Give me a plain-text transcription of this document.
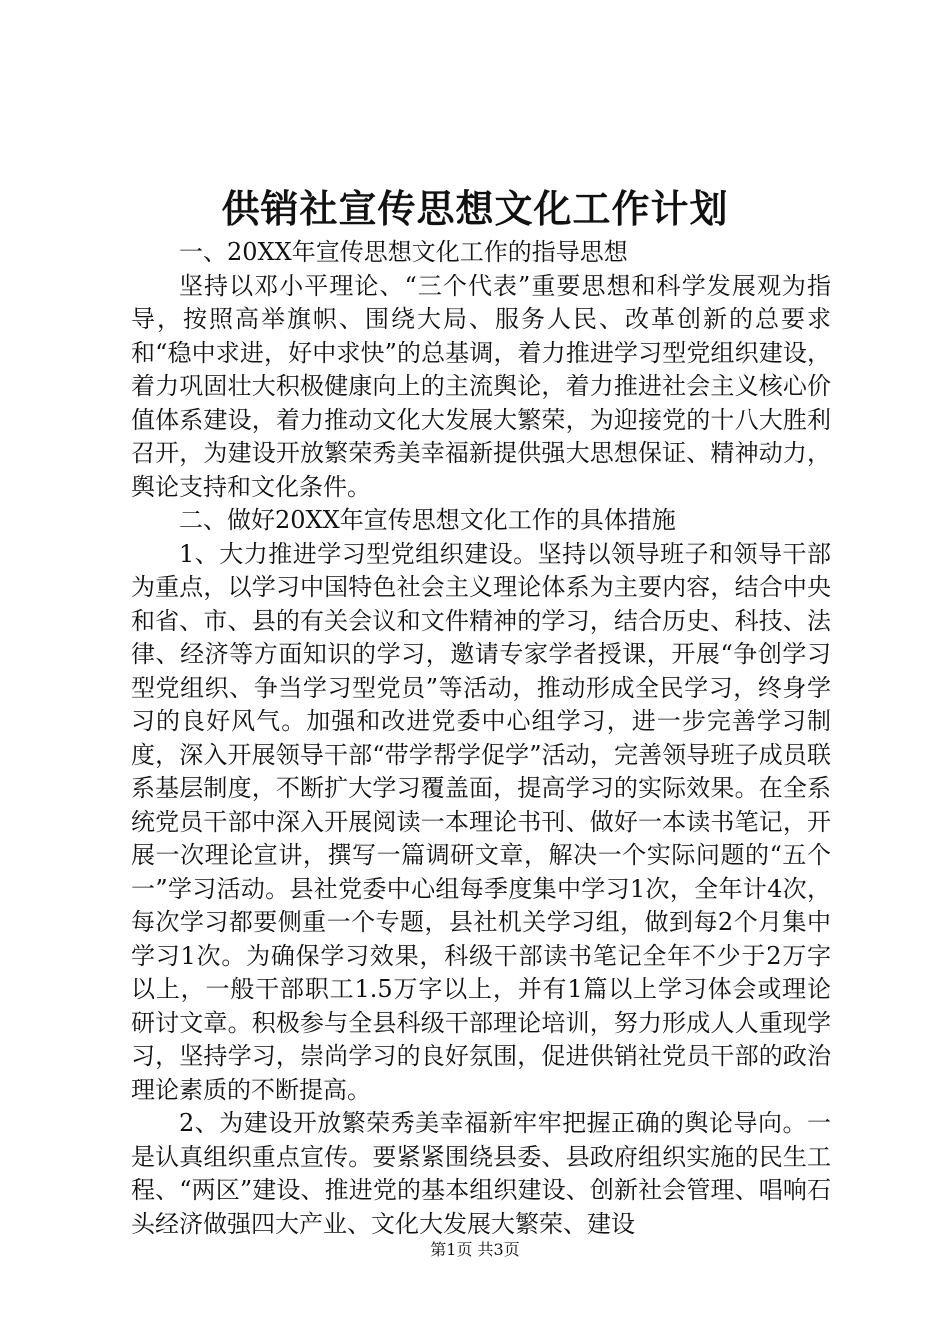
供销社宣传思想文化工作计划

一、20XX年宣传思想文化工作的指导思想

坚持以邓小平理论、“三个代表”重要思想和科学发展观为指导，按照高举旗帜、围绕大局、服务人民、改革创新的总要求和“稳中求进，好中求快”的总基调，着力推进学习型党组织建设，着力巩固壮大积极健康向上的主流舆论，着力推进社会主义核心价值体系建设，着力推动文化大发展大繁荣，为迎接党的十八大胜利召开，为建设开放繁荣秀美幸福新提供强大思想保证、精神动力，舆论支持和文化条件。

二、做好20XX年宣传思想文化工作的具体措施

1、大力推进学习型党组织建设。坚持以领导班子和领导干部为重点，以学习中国特色社会主义理论体系为主要内容，结合中央和省、市、县的有关会议和文件精神的学习，结合历史、科技、法律、经济等方面知识的学习，邀请专家学者授课，开展“争创学习型党组织、争当学习型党员”等活动，推动形成全民学习，终身学习的良好风气。加强和改进党委中心组学习，进一步完善学习制度，深入开展领导干部“带学帮学促学”活动，完善领导班子成员联系基层制度，不断扩大学习覆盖面，提高学习的实际效果。在全系统党员干部中深入开展阅读一本理论书刊、做好一本读书笔记，开展一次理论宣讲，撰写一篇调研文章，解决一个实际问题的“五个一”学习活动。县社党委中心组每季度集中学习1次，全年计4次，每次学习都要侧重一个专题，县社机关学习组，做到每2个月集中学习1次。为确保学习效果，科级干部读书笔记全年不少于2万字以上，一般干部职工1.5万字以上，并有1篇以上学习体会或理论研讨文章。积极参与全县科级干部理论培训，努力形成人人重现学习，坚持学习，崇尚学习的良好氛围，促进供销社党员干部的政治理论素质的不断提高。

2、为建设开放繁荣秀美幸福新牢牢把握正确的舆论导向。一是认真组织重点宣传。要紧紧围绕县委、县政府组织实施的民生工程、“两区”建设、推进党的基本组织建设、创新社会管理、唱响石头经济做强四大产业、文化大发展大繁荣、建设

第1页 共3页
